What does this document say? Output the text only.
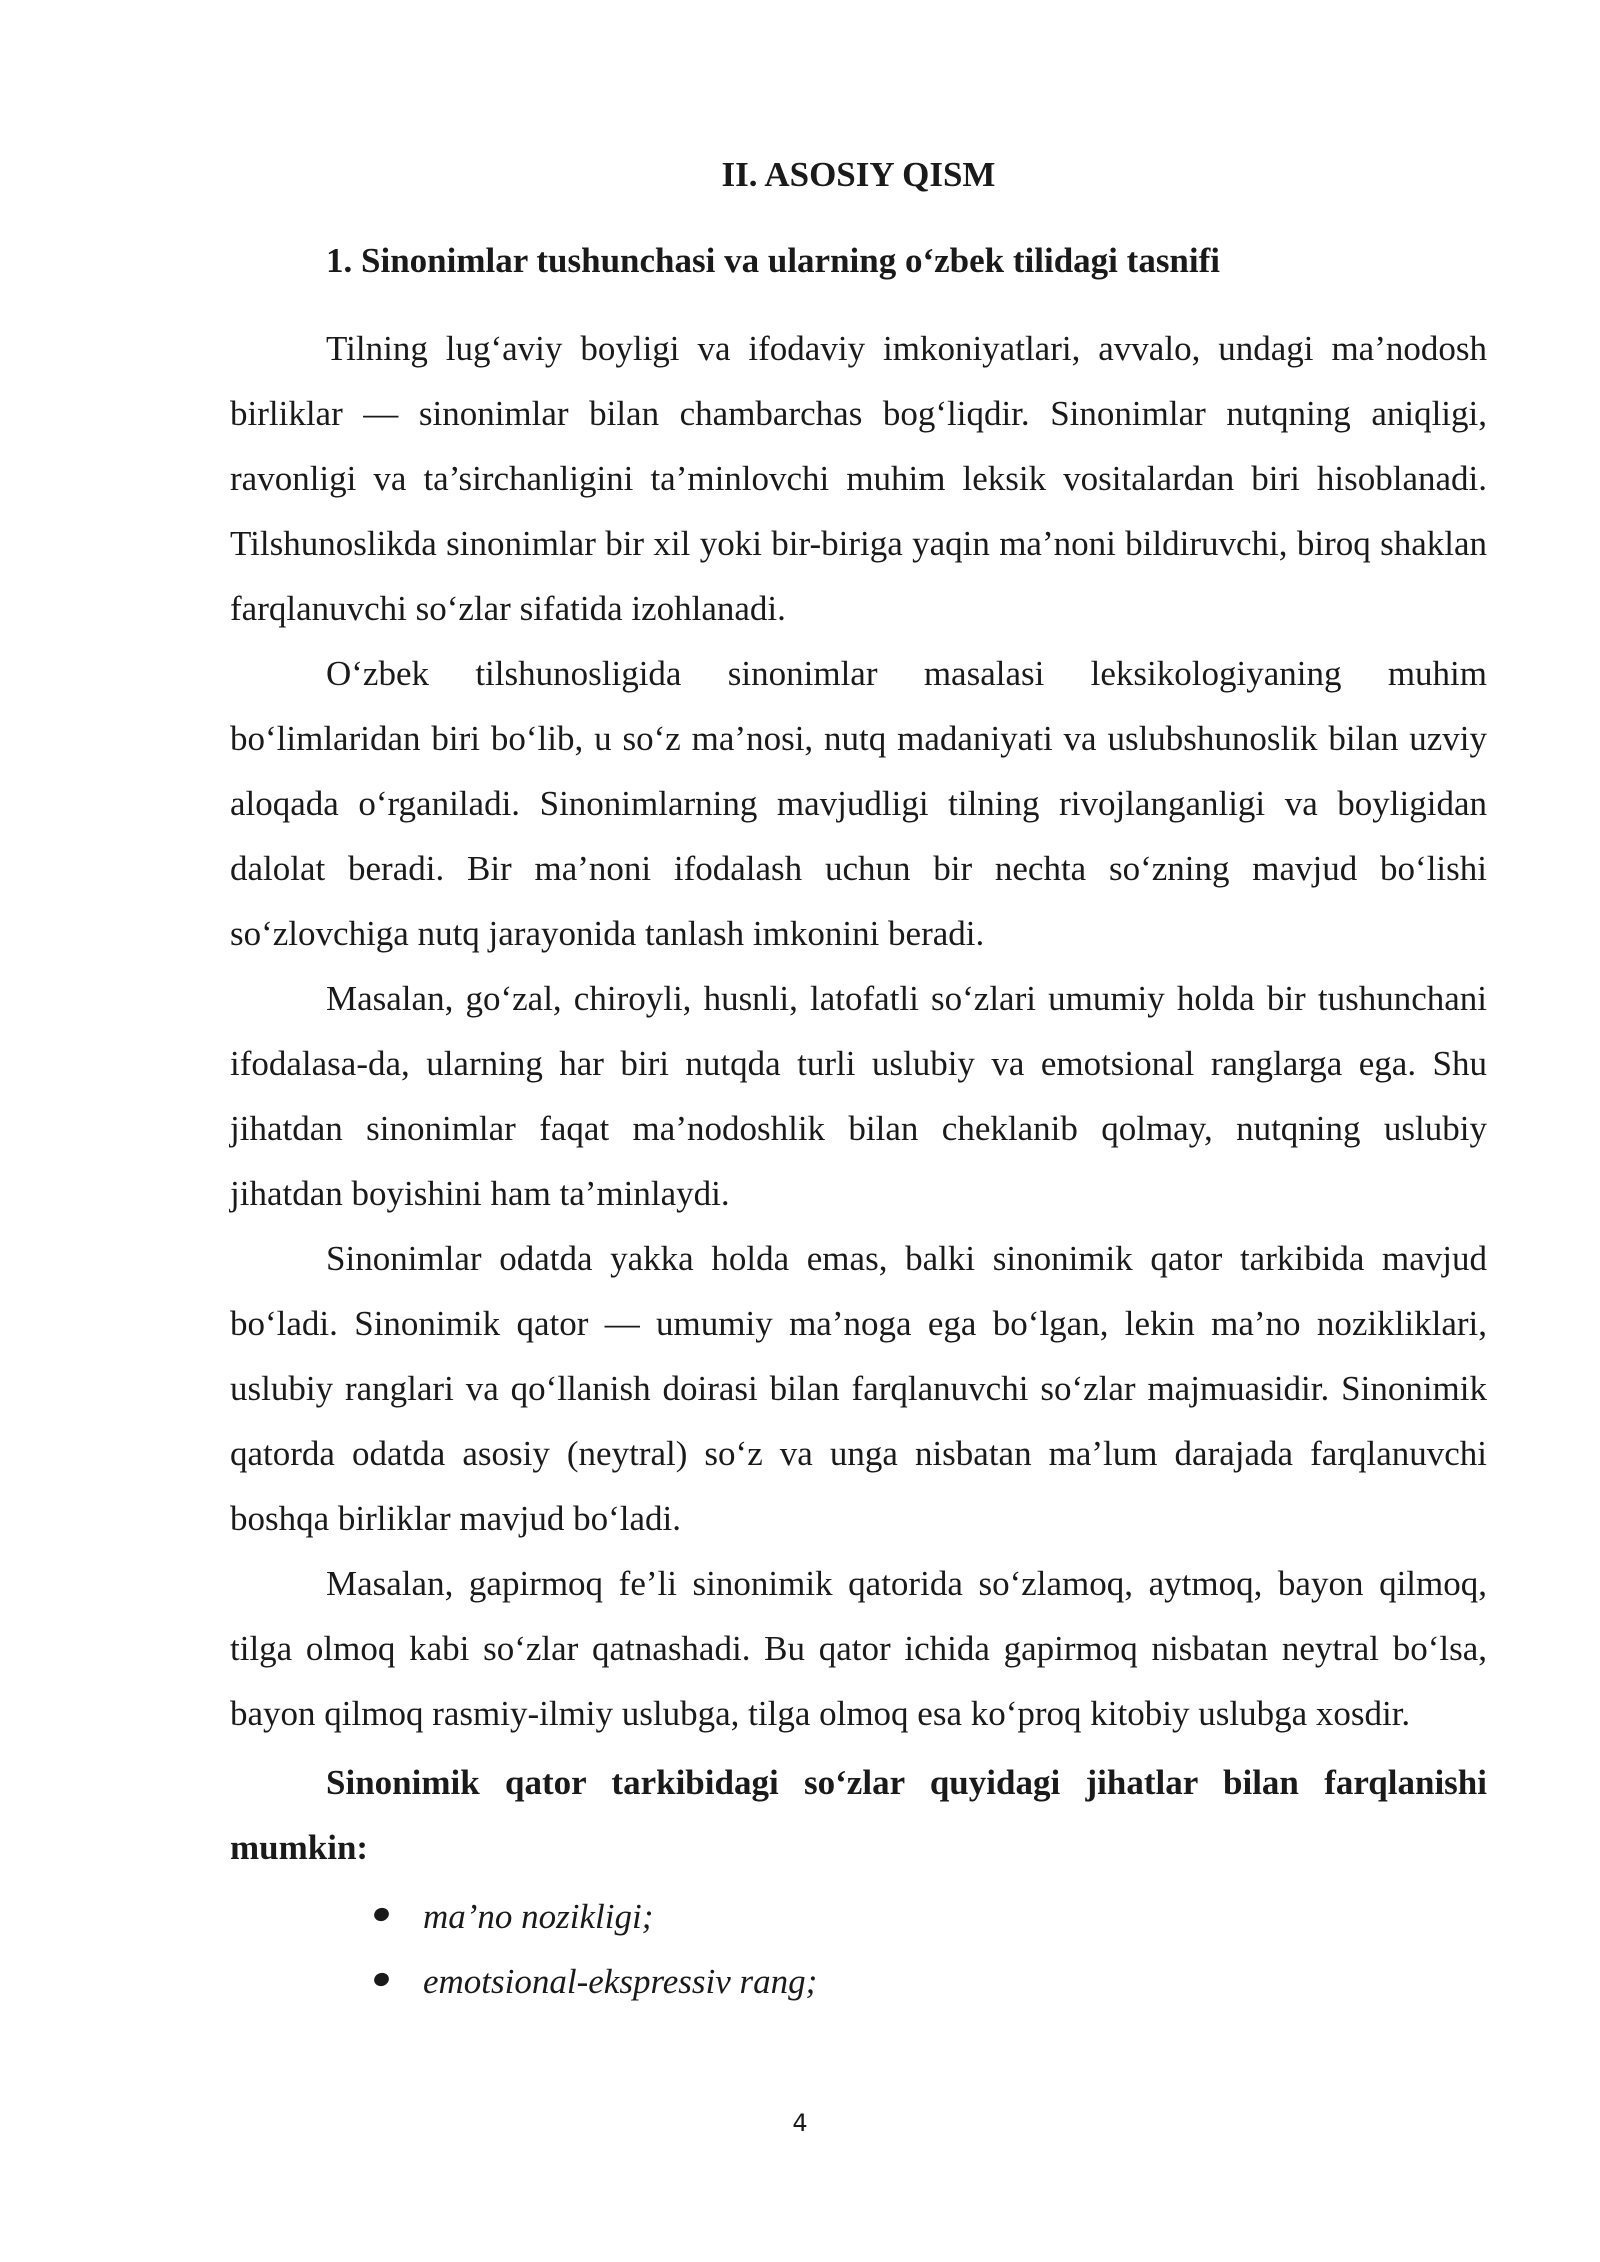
II. ASOSIY QISM
1. Sinonimlar tushunchasi va ularning o‘zbek tilidagi tasnifi

Tilning lug‘aviy boyligi va ifodaviy imkoniyatlari, avvalo, undagi ma’nodosh birliklar — sinonimlar bilan chambarchas bog‘liqdir. Sinonimlar nutqning aniqligi, ravonligi va ta’sirchanligini ta’minlovchi muhim leksik vositalardan biri hisoblanadi. Tilshunoslikda sinonimlar bir xil yoki bir-biriga yaqin ma’noni bildiruvchi, biroq shaklan farqlanuvchi so‘zlar sifatida izohlanadi.

O‘zbek tilshunosligida sinonimlar masalasi leksikologiyaning muhim bo‘limlaridan biri bo‘lib, u so‘z ma’nosi, nutq madaniyati va uslubshunoslik bilan uzviy aloqada o‘rganiladi. Sinonimlarning mavjudligi tilning rivojlanganligi va boyligidan dalolat beradi. Bir ma’noni ifodalash uchun bir nechta so‘zning mavjud bo‘lishi so‘zlovchiga nutq jarayonida tanlash imkonini beradi.

Masalan, go‘zal, chiroyli, husnli, latofatli so‘zlari umumiy holda bir tushunchani ifodalasa-da, ularning har biri nutqda turli uslubiy va emotsional ranglarga ega. Shu jihatdan sinonimlar faqat ma’nodoshlik bilan cheklanib qolmay, nutqning uslubiy jihatdan boyishini ham ta’minlaydi.

Sinonimlar odatda yakka holda emas, balki sinonimik qator tarkibida mavjud bo‘ladi. Sinonimik qator — umumiy ma’noga ega bo‘lgan, lekin ma’no nozikliklari, uslubiy ranglari va qo‘llanish doirasi bilan farqlanuvchi so‘zlar majmuasidir. Sinonimik qatorda odatda asosiy (neytral) so‘z va unga nisbatan ma’lum darajada farqlanuvchi boshqa birliklar mavjud bo‘ladi.

Masalan, gapirmoq fe’li sinonimik qatorida so‘zlamoq, aytmoq, bayon qilmoq, tilga olmoq kabi so‘zlar qatnashadi. Bu qator ichida gapirmoq nisbatan neytral bo‘lsa, bayon qilmoq rasmiy-ilmiy uslubga, tilga olmoq esa ko‘proq kitobiy uslubga xosdir.

Sinonimik qator tarkibidagi so‘zlar quyidagi jihatlar bilan farqlanishi mumkin:

ma’no nozikligi;
emotsional-ekspressiv rang;
4
